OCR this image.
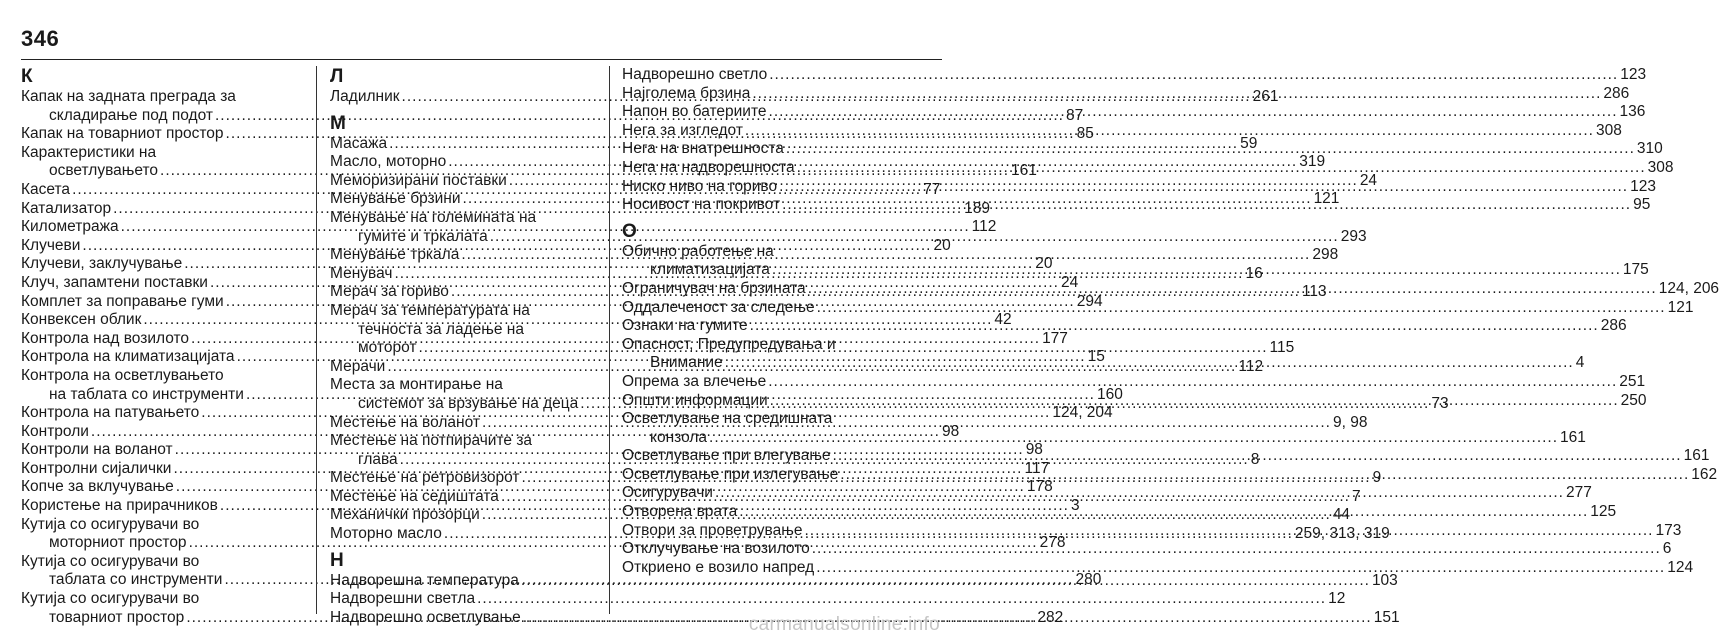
346
К
Капак на задната преграда за
складирање под подот .....	87
Капак на товарниот простор .....	85
Карактеристики на
осветлувањето .....	161
Касета .....	77
Катализатор .....	189
Километража .....	112
Клучеви .....	20
Клучеви, заклучување .....	20
Клуч, запамтени поставки .....	24
Комплет за поправање гуми .....	294
Конвексен облик .....	42
Контрола над возилото .....	177
Контрола на климатизацијата .....	15
Контрола на осветлувањето
на таблата со инструменти .....	160
Контрола на патувањето .....	124, 204
Контроли .....	98
Контроли на воланот .....	98
Контролни сијалички .....	117
Копче за вклучување .....	178
Користење на прирачников .....	3
Кутија со осигурувачи во
моторниот простор .....	278
Кутија со осигурувачи во
таблата со инструменти .....	280
Кутија со осигурувачи во
товарниот простор .....	282
Л
Ладилник .....	261
М
Масажа .....	59
Масло, моторно .....	319
Меморизирани поставки .....	24
Менување брзини .....	121
Менување на големината на
гумите и тркалата .....	293
Менување тркала .....	298
Менувач .....	16
Мерач за гориво .....	113
Мерач за температурата на
течноста за ладење на
моторот .....	115
Мерачи .....	112
Места за монтирање на
системот за врзување на деца .....	73
Местење на воланот .....	9, 98
Местење на потпирачите за
глава .....	8
Местење на ретровизорот .....	9
Местење на седиштата .....	7
Механички прозорци .....	44
Моторно масло .....	259, 313, 319
Н
Надворешна температура .....	103
Надворешни светла .....	12
Надворешно осветлување .....	151
Надворешно светло .....	123
Најголема брзина .....	286
Напон во батериите .....	136
Нега за изгледот .....	308
Нега на внатрешноста .....	310
Нега на надворешноста .....	308
Ниско ниво на гориво .....	123
Носивост на покривот .....	95
О
Обично работење на
климатизацијата .....	175
Ограничувач на брзината .....	124, 206
Оддалеченост за следење .....	121
Ознаки на гумите .....	286
Опасност, Предупредувања и
Внимание .....	4
Опрема за влечење .....	251
Општи информации .....	250
Осветлување на средишната
конзола .....	161
Осветлување при влегување .....	161
Осветлување при излегување .....	162
Осигурувачи .....	277
Отворена врата .....	125
Отвори за проветрување .....	173
Отклучување на возилото .....	6
Откриено е возило напред .....	124
carmanualsonline.info
